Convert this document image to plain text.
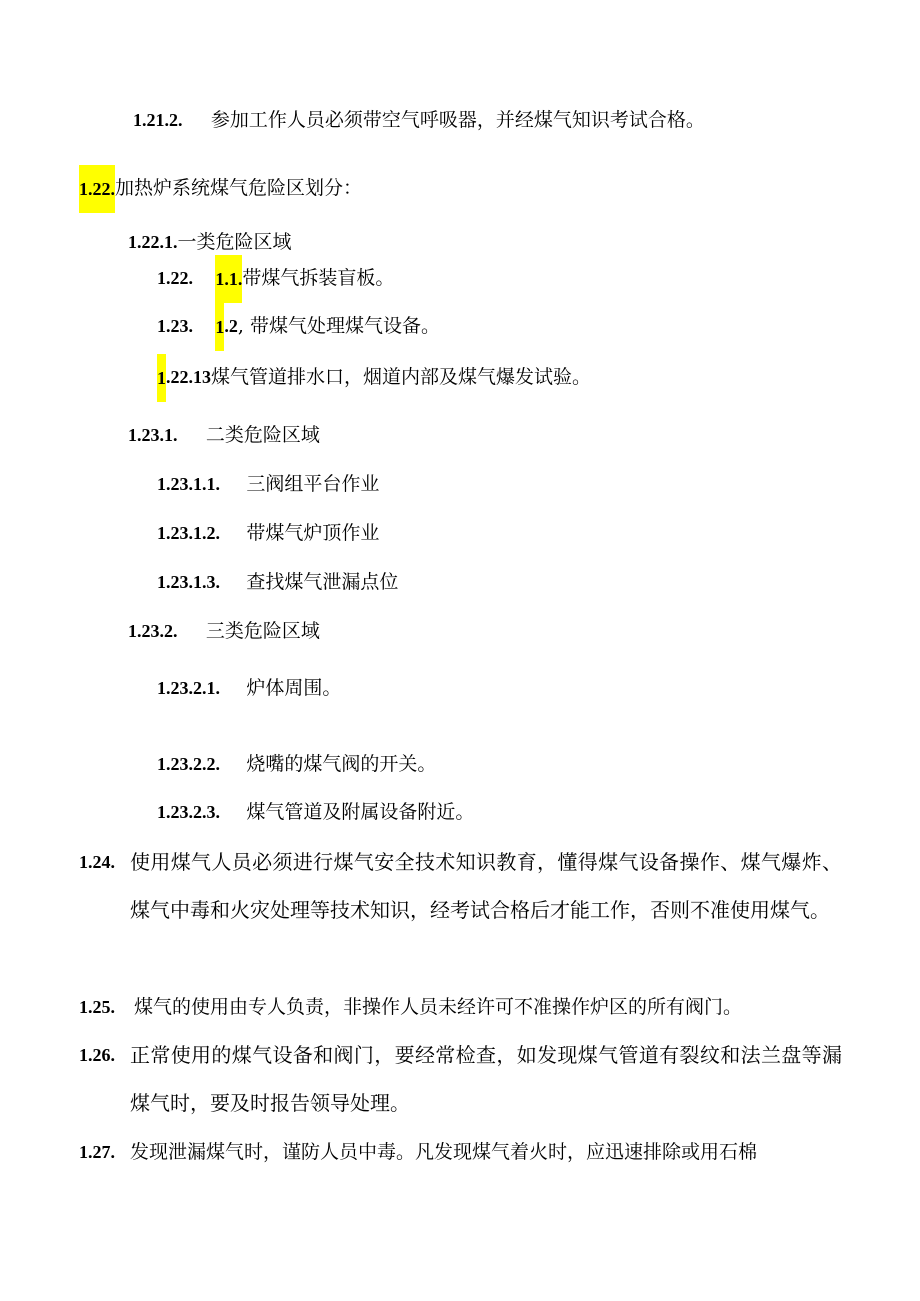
1.21.2. 参加工作人员必须带空气呼吸器，并经煤气知识考试合格。
1.22.加热炉系统煤气危险区划分：
1.22.1.一类危险区域
1.22. 1.1.带煤气拆装盲板。
1.23. 1.2, 带煤气处理煤气设备。
1.22.13煤气管道排水口，烟道内部及煤气爆发试验。
1.23.1. 二类危险区域
1.23.1.1. 三阀组平台作业
1.23.1.2. 带煤气炉顶作业
1.23.1.3. 查找煤气泄漏点位
1.23.2. 三类危险区域
1.23.2.1. 炉体周围。
1.23.2.2. 烧嘴的煤气阀的开关。
1.23.2.3. 煤气管道及附属设备附近。
1.24. 使用煤气人员必须进行煤气安全技术知识教育，懂得煤气设备操作、煤气爆炸、煤气中毒和火灾处理等技术知识，经考试合格后才能工作，否则不准使用煤气。
1.25. 煤气的使用由专人负责，非操作人员未经许可不准操作炉区的所有阀门。
1.26. 正常使用的煤气设备和阀门，要经常检查，如发现煤气管道有裂纹和法兰盘等漏煤气时，要及时报告领导处理。
1.27. 发现泄漏煤气时，谨防人员中毒。凡发现煤气着火时，应迅速排除或用石棉
